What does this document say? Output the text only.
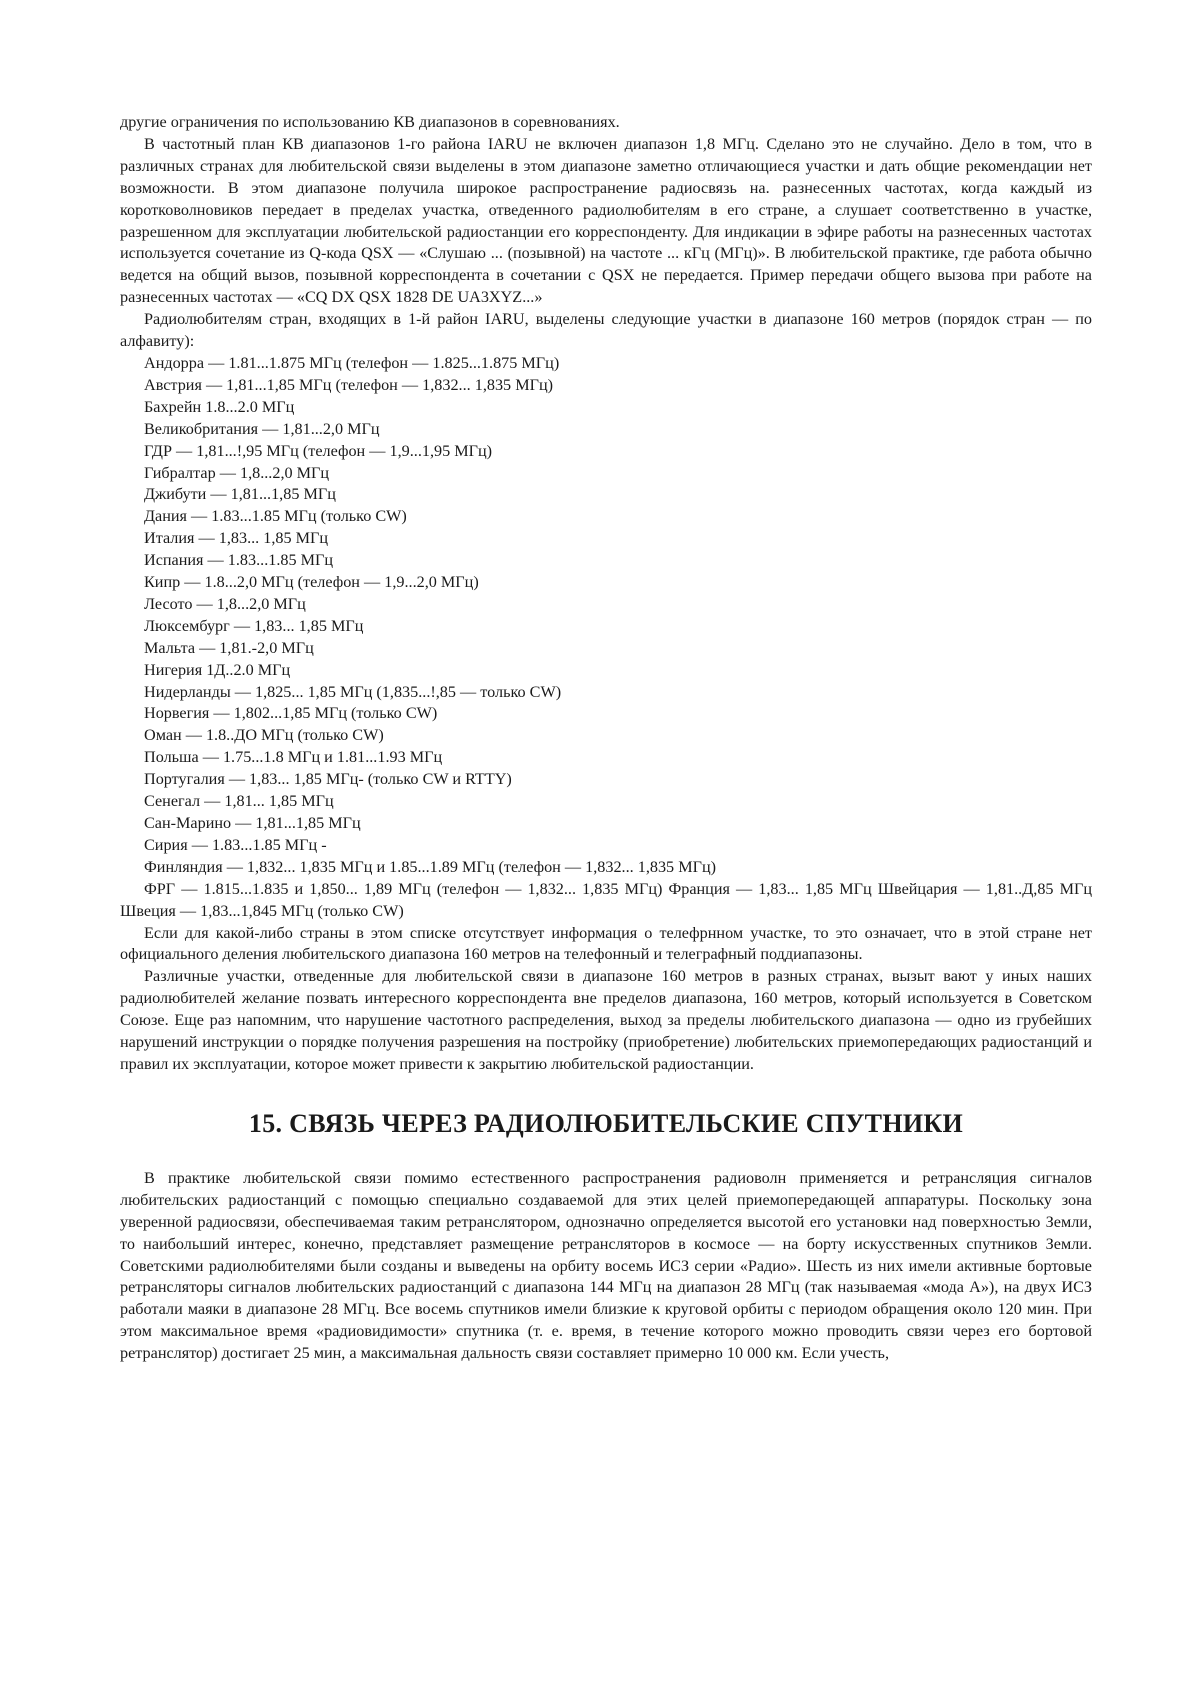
другие ограничения по использованию КВ диапазонов в соревнованиях.

В частотный план КВ диапазонов 1-го района IARU не включен диапазон 1,8 МГц. Сделано это не случайно. Дело в том, что в различных странах для любительской связи выделены в этом диапазоне заметно отличающиеся участки и дать общие рекомендации нет возможности. В этом диапазоне получила широкое распространение радиосвязь на. разнесенных частотах, когда каждый из коротковолновиков передает в пределах участка, отведенного радиолюбителям в его стране, а слушает соответственно в участке, разрешенном для эксплуатации любительской радиостанции его корреспонденту. Для индикации в эфире работы на разнесенных частотах используется сочетание из Q-кода QSX — «Слушаю ... (позывной) на частоте ... кГц (МГц)». В любительской практике, где работа обычно ведется на общий вызов, позывной корреспондента в сочетании с QSX не передается. Пример передачи общего вызова при работе на разнесенных частотах — «CQ DX QSX 1828 DE UA3XYZ...»

Радиолюбителям стран, входящих в 1-й район IARU, выделены следующие участки в диапазоне 160 метров (порядок стран — по алфавиту):

Андорра — 1.81...1.875 МГц (телефон — 1.825...1.875 МГц)
Австрия — 1,81...1,85 МГц (телефон — 1,832... 1,835 МГц)
Бахрейн 1.8...2.0 МГц
Великобритания — 1,81...2,0 МГц
ГДР — 1,81...!,95 МГц (телефон — 1,9...1,95 МГц)
Гибралтар — 1,8...2,0 МГц
Джибути — 1,81...1,85 МГц
Дания — 1.83...1.85 МГц (только CW)
Италия — 1,83... 1,85 МГц
Испания — 1.83...1.85 МГц
Кипр — 1.8...2,0 МГц (телефон — 1,9...2,0 МГц)
Лесото — 1,8...2,0 МГц
Люксембург — 1,83... 1,85 МГц
Мальта — 1,81.-2,0 МГц
Нигерия 1Д..2.0 МГц
Нидерланды — 1,825... 1,85 МГц (1,835...!,85 — только CW)
Норвегия — 1,802...1,85 МГц (только CW)
Оман — 1.8..ДО МГц (только CW)
Польша — 1.75...1.8 МГц и 1.81...1.93 МГц
Португалия — 1,83... 1,85 МГц- (только CW и RTTY)
Сенегал — 1,81... 1,85 МГц
Сан-Марино — 1,81...1,85 МГц
Сирия — 1.83...1.85 МГц -
Финляндия — 1,832... 1,835 МГц и 1.85...1.89 МГц (телефон — 1,832... 1,835 МГц)

ФРГ — 1.815...1.835 и 1,850... 1,89 МГц (телефон — 1,832... 1,835 МГц) Франция — 1,83... 1,85 МГц Швейцария — 1,81..Д,85 МГц Швеция — 1,83...1,845 МГц (только CW)

Если для какой-либо страны в этом списке отсутствует информация о телефрнном участке, то это означает, что в этой стране нет официального деления любительского диапазона 160 метров на телефонный и телеграфный поддиапазоны.

Различные участки, отведенные для любительской связи в диапазоне 160 метров в разных странах, вызыт вают у иных наших радиолюбителей желание позвать интересного корреспондента вне пределов диапазона, 160 метров, который используется в Советском Союзе. Еще раз напомним, что нарушение частотного распределения, выход за пределы любительского диапазона — одно из грубейших нарушений инструкции о порядке получения разрешения на постройку (приобретение) любительских приемопередающих радиостанций и правил их эксплуатации, которое может привести к закрытию любительской радиостанции.

15. СВЯЗЬ ЧЕРЕЗ РАДИОЛЮБИТЕЛЬСКИЕ СПУТНИКИ

В практике любительской связи помимо естественного распространения радиоволн применяется и ретрансляция сигналов любительских радиостанций с помощью специально создаваемой для этих целей приемопередающей аппаратуры. Поскольку зона уверенной радиосвязи, обеспечиваемая таким ретранслятором, однозначно определяется высотой его установки над поверхностью Земли, то наибольший интерес, конечно, представляет размещение ретрансляторов в космосе — на борту искусственных спутников Земли. Советскими радиолюбителями были созданы и выведены на орбиту восемь ИСЗ серии «Радио». Шесть из них имели активные бортовые ретрансляторы сигналов любительских радиостанций с диапазона 144 МГц на диапазон 28 МГц (так называемая «мода А»), на двух ИСЗ работали маяки в диапазоне 28 МГц. Все восемь спутников имели близкие к круговой орбиты с периодом обращения около 120 мин. При этом максимальное время «радиовидимости» спутника (т. е. время, в течение которого можно проводить связи через его бортовой ретранслятор) достигает 25 мин, а максимальная дальность связи составляет примерно 10 000 км. Если учесть,
